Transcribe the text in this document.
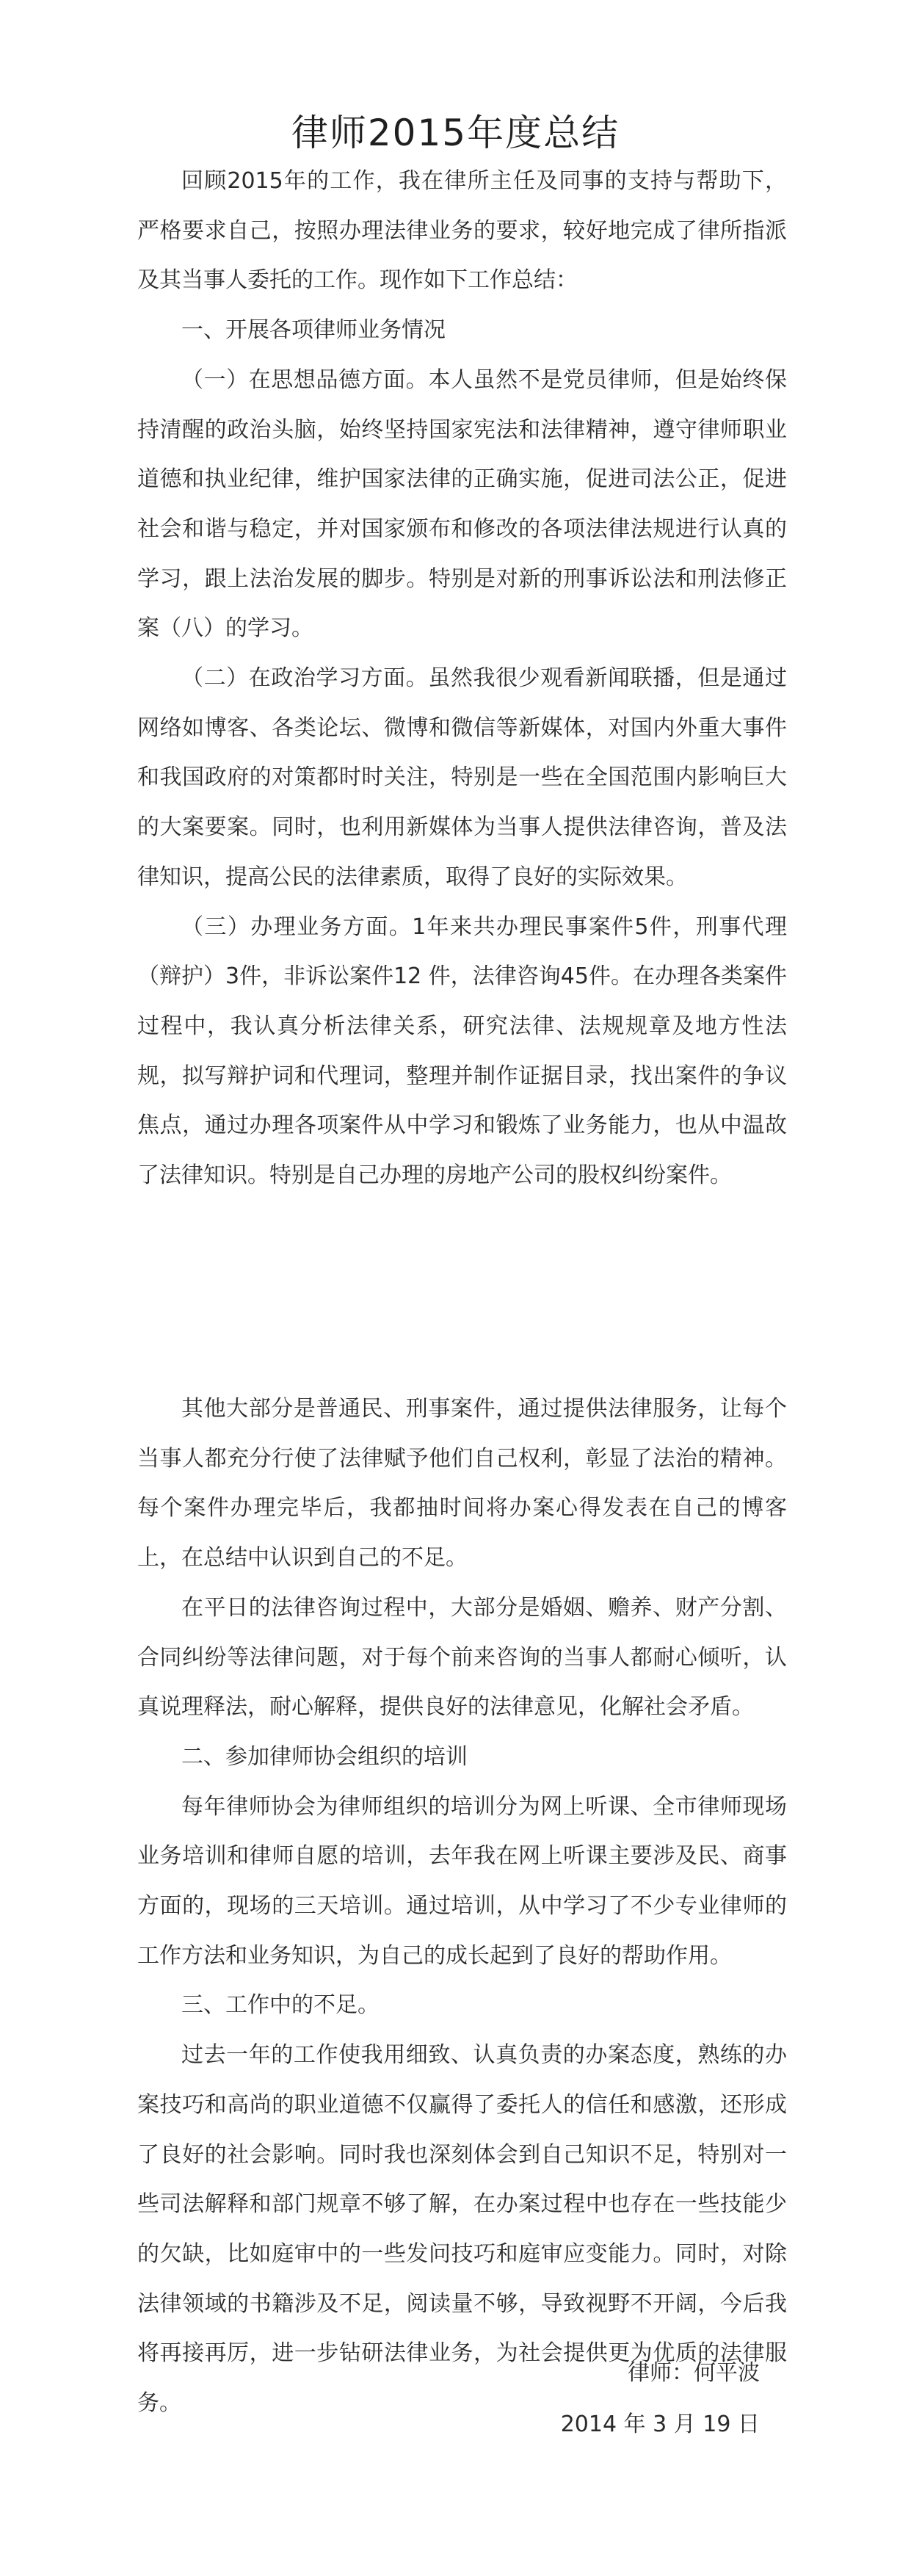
律师2015年度总结

回顾2015年的工作，我在律所主任及同事的支持与帮助下，严格要求自己，按照办理法律业务的要求，较好地完成了律所指派及其当事人委托的工作。现作如下工作总结：

一、开展各项律师业务情况

（一）在思想品德方面。本人虽然不是党员律师，但是始终保持清醒的政治头脑，始终坚持国家宪法和法律精神，遵守律师职业道德和执业纪律，维护国家法律的正确实施，促进司法公正，促进社会和谐与稳定，并对国家颁布和修改的各项法律法规进行认真的学习，跟上法治发展的脚步。特别是对新的刑事诉讼法和刑法修正案（八）的学习。

（二）在政治学习方面。虽然我很少观看新闻联播，但是通过网络如博客、各类论坛、微博和微信等新媒体，对国内外重大事件和我国政府的对策都时时关注，特别是一些在全国范围内影响巨大的大案要案。同时，也利用新媒体为当事人提供法律咨询，普及法律知识，提高公民的法律素质，取得了良好的实际效果。

（三）办理业务方面。1年来共办理民事案件5件，刑事代理（辩护）3件，非诉讼案件12 件，法律咨询45件。在办理各类案件过程中，我认真分析法律关系，研究法律、法规规章及地方性法规，拟写辩护词和代理词，整理并制作证据目录，找出案件的争议焦点，通过办理各项案件从中学习和锻炼了业务能力，也从中温故了法律知识。特别是自己办理的房地产公司的股权纠纷案件。

其他大部分是普通民、刑事案件，通过提供法律服务，让每个当事人都充分行使了法律赋予他们自己权利，彰显了法治的精神。每个案件办理完毕后，我都抽时间将办案心得发表在自己的博客上，在总结中认识到自己的不足。

在平日的法律咨询过程中，大部分是婚姻、赡养、财产分割、合同纠纷等法律问题，对于每个前来咨询的当事人都耐心倾听，认真说理释法，耐心解释，提供良好的法律意见，化解社会矛盾。

二、参加律师协会组织的培训

每年律师协会为律师组织的培训分为网上听课、全市律师现场业务培训和律师自愿的培训，去年我在网上听课主要涉及民、商事方面的，现场的三天培训。通过培训，从中学习了不少专业律师的工作方法和业务知识，为自己的成长起到了良好的帮助作用。

三、工作中的不足。

过去一年的工作使我用细致、认真负责的办案态度，熟练的办案技巧和高尚的职业道德不仅赢得了委托人的信任和感激，还形成了良好的社会影响。同时我也深刻体会到自己知识不足，特别对一些司法解释和部门规章不够了解，在办案过程中也存在一些技能少的欠缺，比如庭审中的一些发问技巧和庭审应变能力。同时，对除法律领域的书籍涉及不足，阅读量不够，导致视野不开阔，今后我将再接再厉，进一步钻研法律业务，为社会提供更为优质的法律服务。

律师：何平波
2014 年 3 月 19 日
